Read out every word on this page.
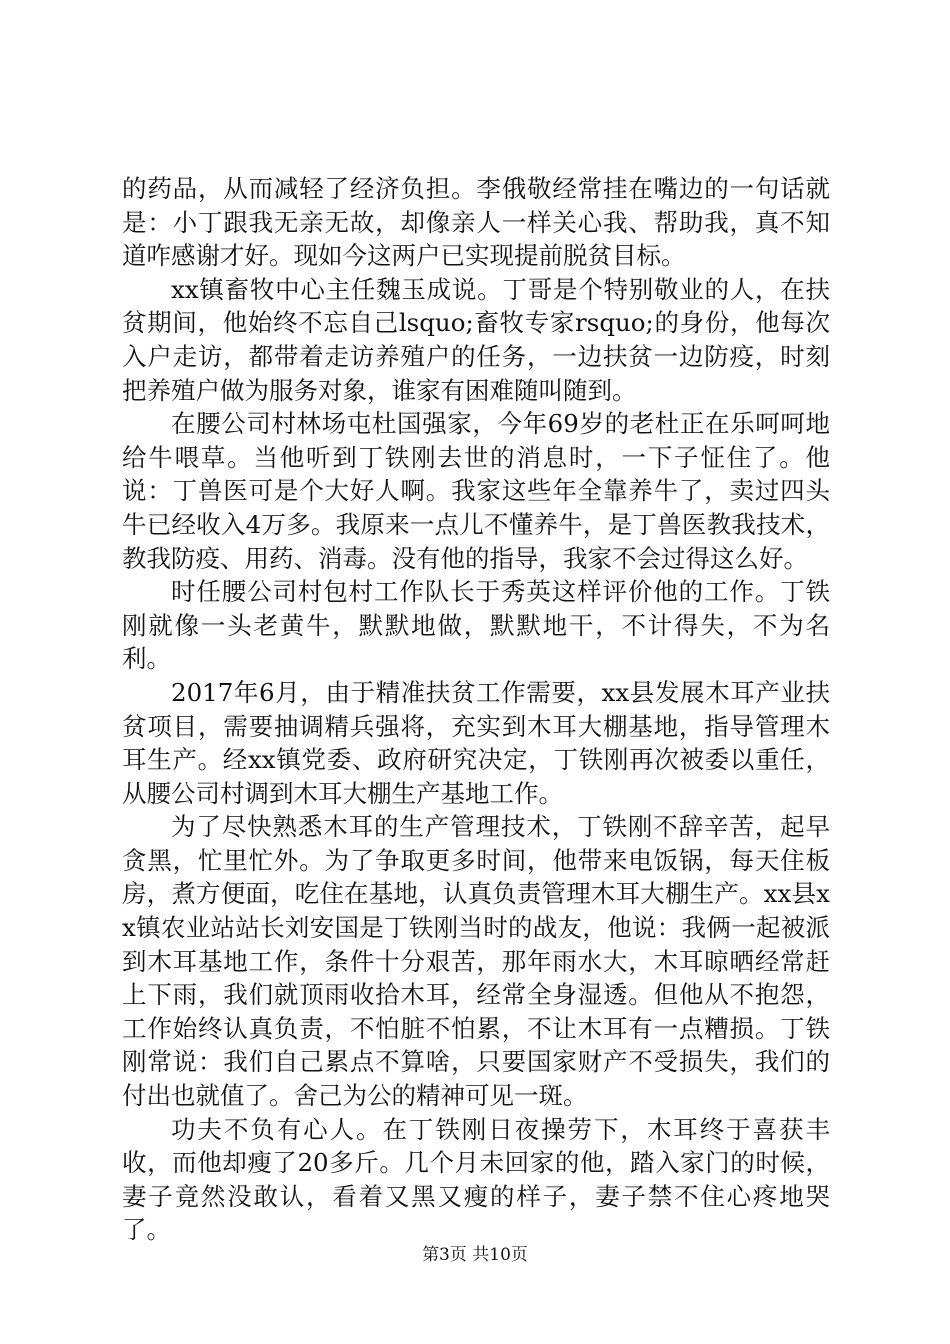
的药品，从而减轻了经济负担。李俄敬经常挂在嘴边的一句话就是：小丁跟我无亲无故，却像亲人一样关心我、帮助我，真不知道咋感谢才好。现如今这两户已实现提前脱贫目标。

xx镇畜牧中心主任魏玉成说。丁哥是个特别敬业的人，在扶贫期间，他始终不忘自己lsquo;畜牧专家rsquo;的身份，他每次入户走访，都带着走访养殖户的任务，一边扶贫一边防疫，时刻把养殖户做为服务对象，谁家有困难随叫随到。

在腰公司村林场屯杜国强家，今年69岁的老杜正在乐呵呵地给牛喂草。当他听到丁铁刚去世的消息时，一下子怔住了。他说：丁兽医可是个大好人啊。我家这些年全靠养牛了，卖过四头牛已经收入4万多。我原来一点儿不懂养牛，是丁兽医教我技术，教我防疫、用药、消毒。没有他的指导，我家不会过得这么好。

时任腰公司村包村工作队长于秀英这样评价他的工作。丁铁刚就像一头老黄牛，默默地做，默默地干，不计得失，不为名利。

2017年6月，由于精准扶贫工作需要，xx县发展木耳产业扶贫项目，需要抽调精兵强将，充实到木耳大棚基地，指导管理木耳生产。经xx镇党委、政府研究决定，丁铁刚再次被委以重任，从腰公司村调到木耳大棚生产基地工作。

为了尽快熟悉木耳的生产管理技术，丁铁刚不辞辛苦，起早贪黑，忙里忙外。为了争取更多时间，他带来电饭锅，每天住板房，煮方便面，吃住在基地，认真负责管理木耳大棚生产。xx县xx镇农业站站长刘安国是丁铁刚当时的战友，他说：我俩一起被派到木耳基地工作，条件十分艰苦，那年雨水大，木耳晾晒经常赶上下雨，我们就顶雨收拾木耳，经常全身湿透。但他从不抱怨，工作始终认真负责，不怕脏不怕累，不让木耳有一点糟损。丁铁刚常说：我们自己累点不算啥，只要国家财产不受损失，我们的付出也就值了。舍己为公的精神可见一斑。

功夫不负有心人。在丁铁刚日夜操劳下，木耳终于喜获丰收，而他却瘦了20多斤。几个月未回家的他，踏入家门的时候，妻子竟然没敢认，看着又黑又瘦的样子，妻子禁不住心疼地哭了。

第3页 共10页
